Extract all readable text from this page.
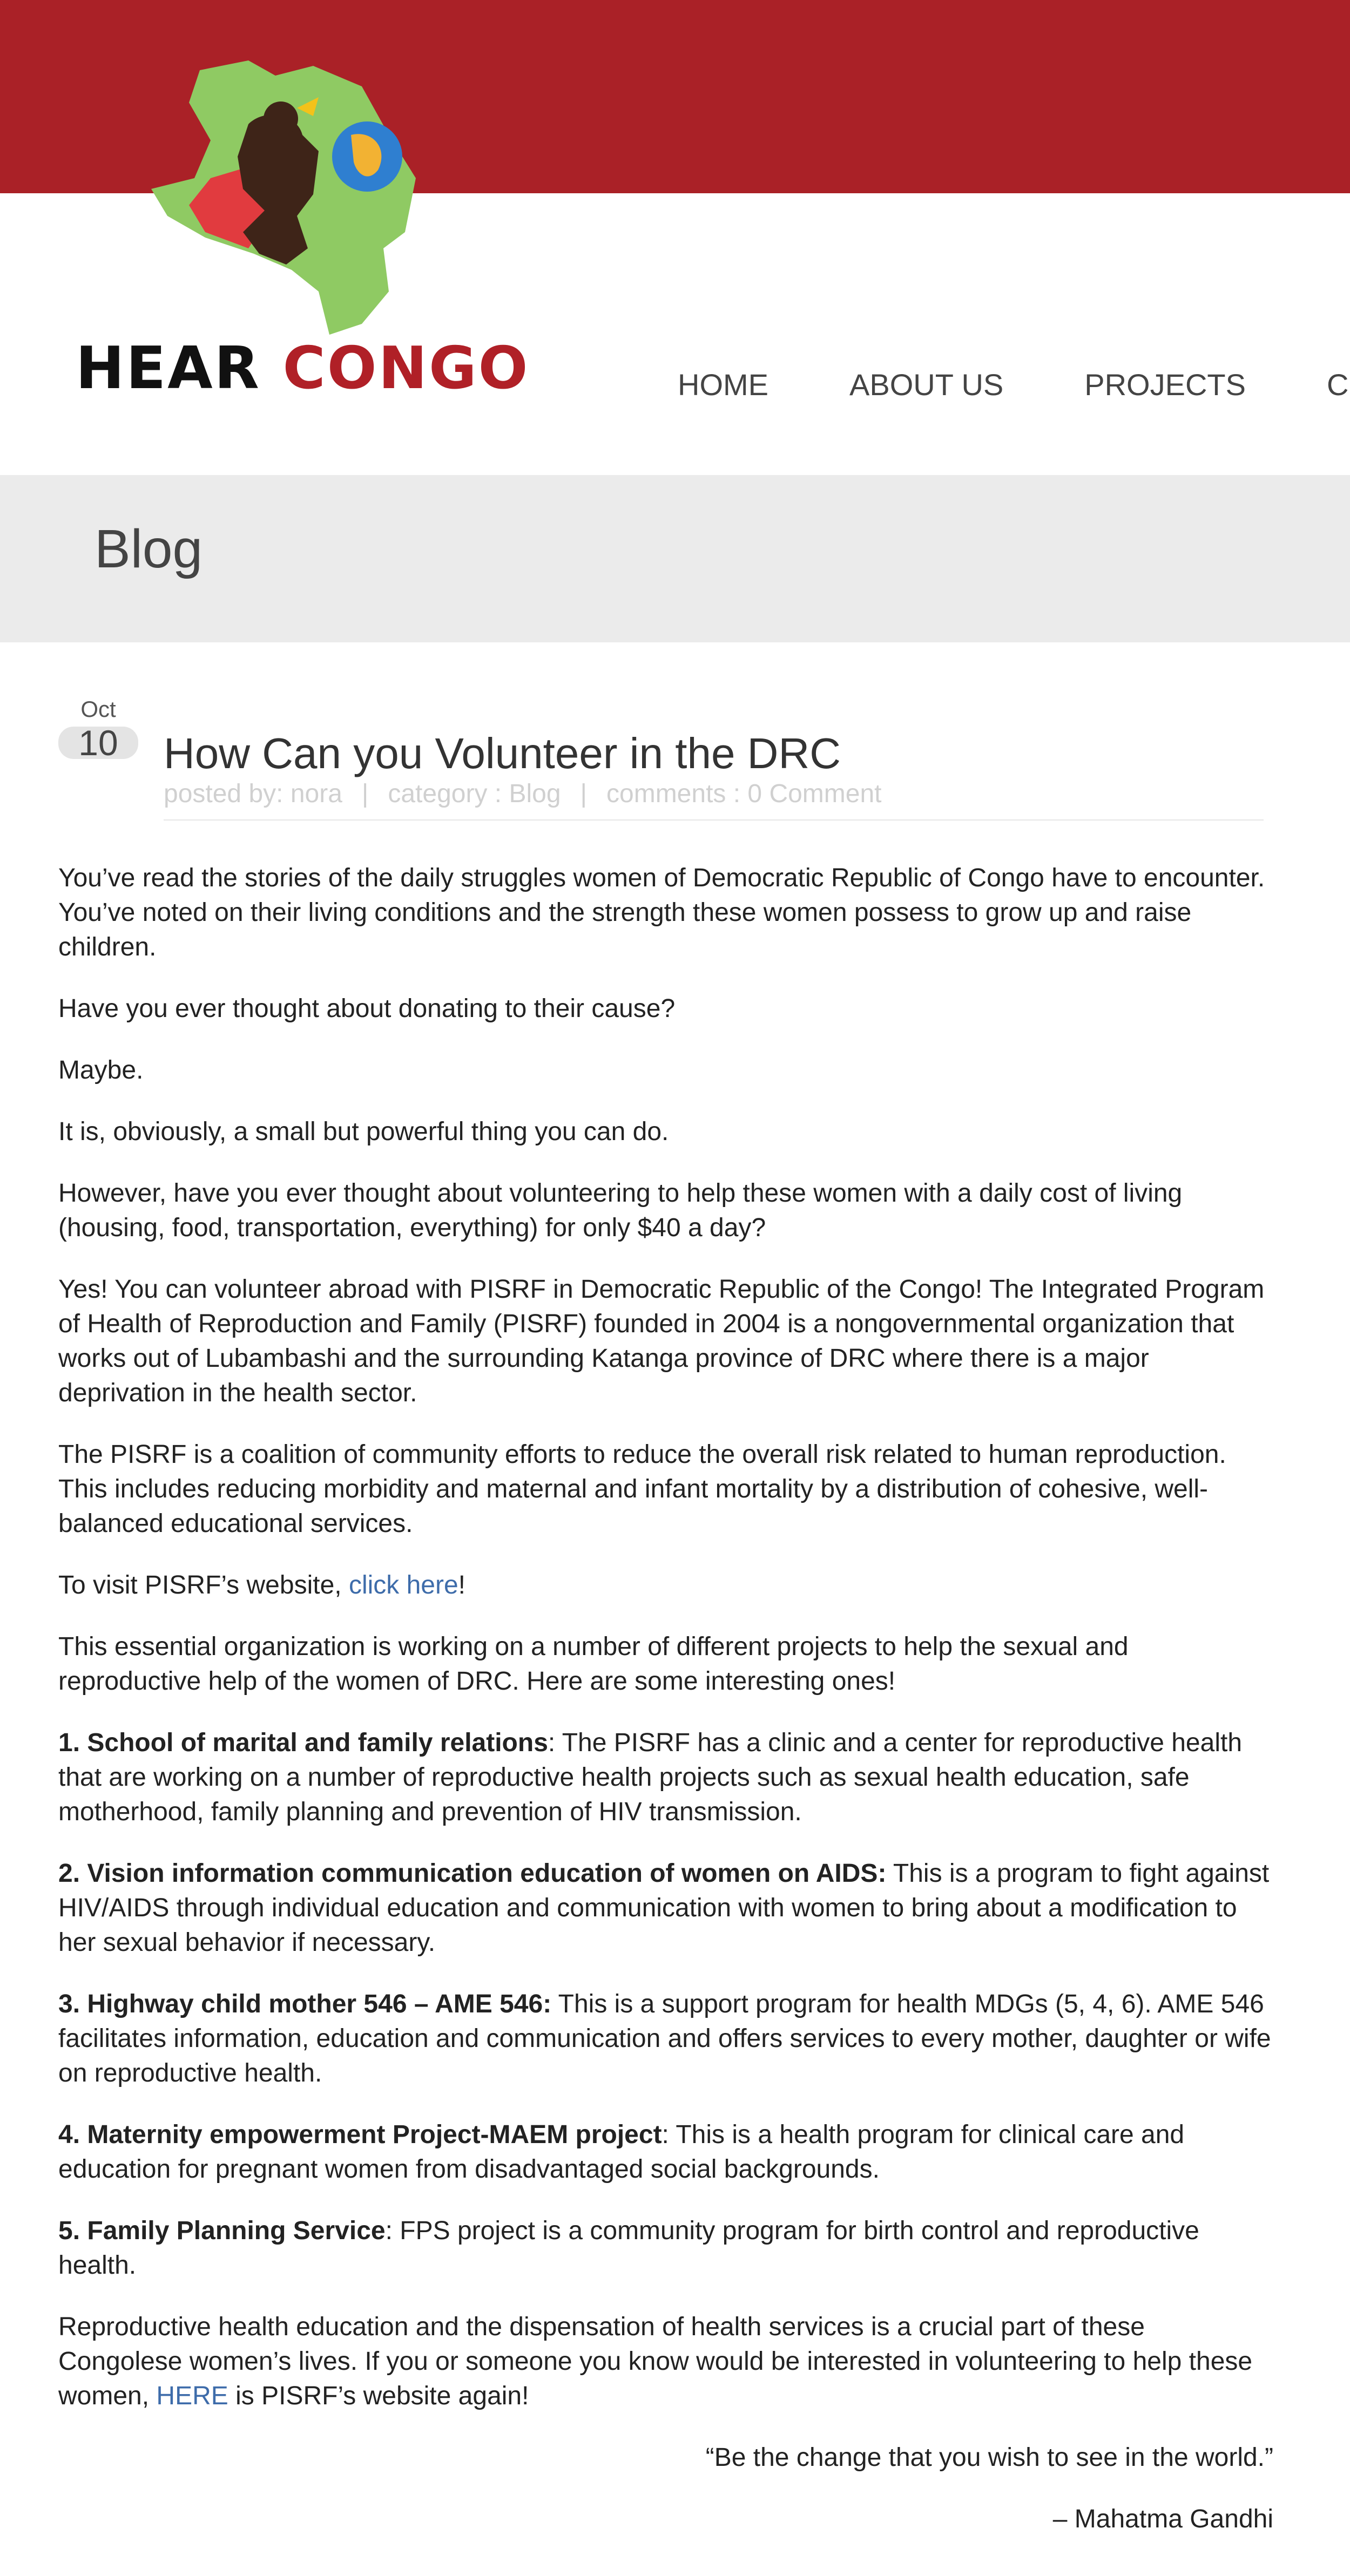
HEAR CONGO	HOME	ABOUT US	PROJECTS	C
Blog
Oct
10	How Can you Volunteer in the DRC
posted by: nora | category : Blog | comments : 0 Comment

You’ve read the stories of the daily struggles women of Democratic Republic of Congo have to encounter. You’ve noted on their living conditions and the strength these women possess to grow up and raise children.

Have you ever thought about donating to their cause?

Maybe.

It is, obviously, a small but powerful thing you can do.

However, have you ever thought about volunteering to help these women with a daily cost of living (housing, food, transportation, everything) for only $40 a day?

Yes! You can volunteer abroad with PISRF in Democratic Republic of the Congo! The Integrated Program of Health of Reproduction and Family (PISRF) founded in 2004 is a nongovernmental organization that works out of Lubambashi and the surrounding Katanga province of DRC where there is a major deprivation in the health sector.

The PISRF is a coalition of community efforts to reduce the overall risk related to human reproduction. This includes reducing morbidity and maternal and infant mortality by a distribution of cohesive, well-balanced educational services.

To visit PISRF’s website, click here!

This essential organization is working on a number of different projects to help the sexual and reproductive help of the women of DRC. Here are some interesting ones!

1. School of marital and family relations: The PISRF has a clinic and a center for reproductive health that are working on a number of reproductive health projects such as sexual health education, safe motherhood, family planning and prevention of HIV transmission.

2. Vision information communication education of women on AIDS: This is a program to fight against HIV/AIDS through individual education and communication with women to bring about a modification to her sexual behavior if necessary.

3. Highway child mother 546 – AME 546: This is a support program for health MDGs (5, 4, 6). AME 546 facilitates information, education and communication and offers services to every mother, daughter or wife on reproductive health.

4. Maternity empowerment Project-MAEM project: This is a health program for clinical care and education for pregnant women from disadvantaged social backgrounds.

5. Family Planning Service: FPS project is a community program for birth control and reproductive health.

Reproductive health education and the dispensation of health services is a crucial part of these Congolese women’s lives. If you or someone you know would be interested in volunteering to help these women, HERE is PISRF’s website again!

“Be the change that you wish to see in the world.”

– Mahatma Gandhi
